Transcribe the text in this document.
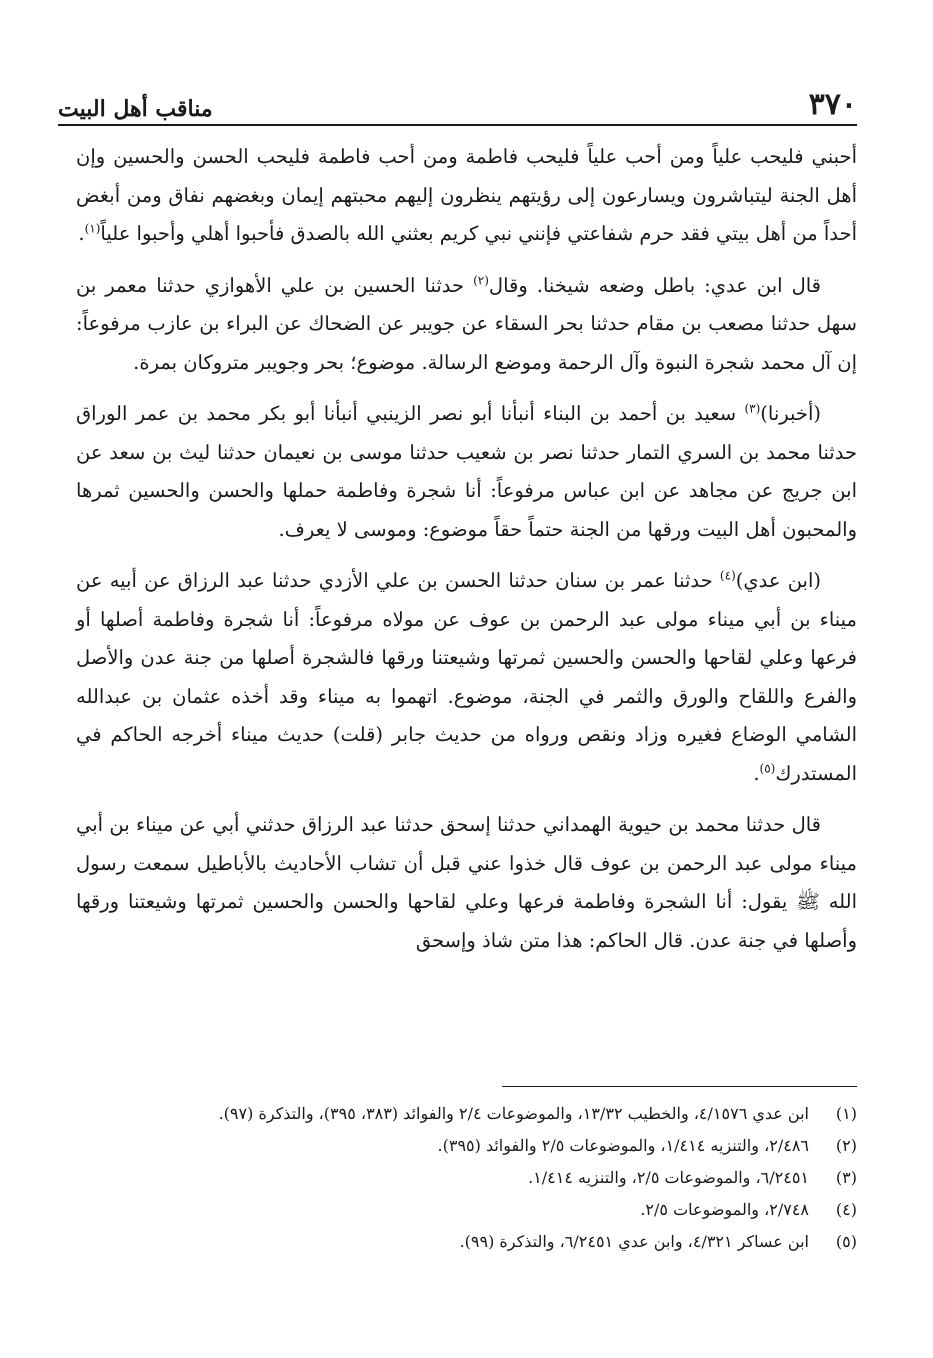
٣٧٠
مناقب أهل البيت

أحبني فليحب علياً ومن أحب علياً فليحب فاطمة ومن أحب فاطمة فليحب الحسن والحسين وإن أهل الجنة ليتباشرون ويسارعون إلى رؤيتهم ينظرون إليهم محبتهم إيمان وبغضهم نفاق ومن أبغض أحداً من أهل بيتي فقد حرم شفاعتي فإنني نبي كريم بعثني الله بالصدق فأحبوا أهلي وأحبوا علياً$^{(١)}$.

قال ابن عدي: باطل وضعه شيخنا. وقال$^{(٢)}$ حدثنا الحسين بن علي الأهوازي حدثنا معمر بن سهل حدثنا مصعب بن مقام حدثنا بحر السقاء عن جويبر عن الضحاك عن البراء بن عازب مرفوعاً: إن آل محمد شجرة النبوة وآل الرحمة وموضع الرسالة. موضوع؛ بحر وجويبر متروكان بمرة.

(أخبرنا)$^{(٣)}$ سعيد بن أحمد بن البناء أنبأنا أبو نصر الزينبي أنبأنا أبو بكر محمد بن عمر الوراق حدثنا محمد بن السري التمار حدثنا نصر بن شعيب حدثنا موسى بن نعيمان حدثنا ليث بن سعد عن ابن جريج عن مجاهد عن ابن عباس مرفوعاً: أنا شجرة وفاطمة حملها والحسن والحسين ثمرها والمحبون أهل البيت ورقها من الجنة حتماً حقاً موضوع: وموسى لا يعرف.

(ابن عدي)$^{(٤)}$ حدثنا عمر بن سنان حدثنا الحسن بن علي الأزدي حدثنا عبد الرزاق عن أبيه عن ميناء بن أبي ميناء مولى عبد الرحمن بن عوف عن مولاه مرفوعاً: أنا شجرة وفاطمة أصلها أو فرعها وعلي لقاحها والحسن والحسين ثمرتها وشيعتنا ورقها فالشجرة أصلها من جنة عدن والأصل والفرع واللقاح والورق والثمر في الجنة، موضوع. اتهموا به ميناء وقد أخذه عثمان بن عبدالله الشامي الوضاع فغيره وزاد ونقص ورواه من حديث جابر (قلت) حديث ميناء أخرجه الحاكم في المستدرك$^{(٥)}$.

قال حدثنا محمد بن حيوية الهمداني حدثنا إسحق حدثنا عبد الرزاق حدثني أبي عن ميناء بن أبي ميناء مولى عبد الرحمن بن عوف قال خذوا عني قبل أن تشاب الأحاديث بالأباطيل سمعت رسول الله ﷺ يقول: أنا الشجرة وفاطمة فرعها وعلي لقاحها والحسن والحسين ثمرتها وشيعتنا ورقها وأصلها في جنة عدن. قال الحاكم: هذا متن شاذ وإسحق

(١)
ابن عدي ٤/١٥٧٦، والخطيب ١٣/٣٢، والموضوعات ٢/٤ والفوائد (٣٨٣، ٣٩٥)، والتذكرة (٩٧).
(٢)
٢/٤٨٦، والتنزيه ١/٤١٤، والموضوعات ٢/٥ والفوائد (٣٩٥).
(٣)
٦/٢٤٥١، والموضوعات ٢/٥، والتنزيه ١/٤١٤.
(٤)
٢/٧٤٨، والموضوعات ٢/٥.
(٥)
ابن عساكر ٤/٣٢١، وابن عدي ٦/٢٤٥١، والتذكرة (٩٩).
